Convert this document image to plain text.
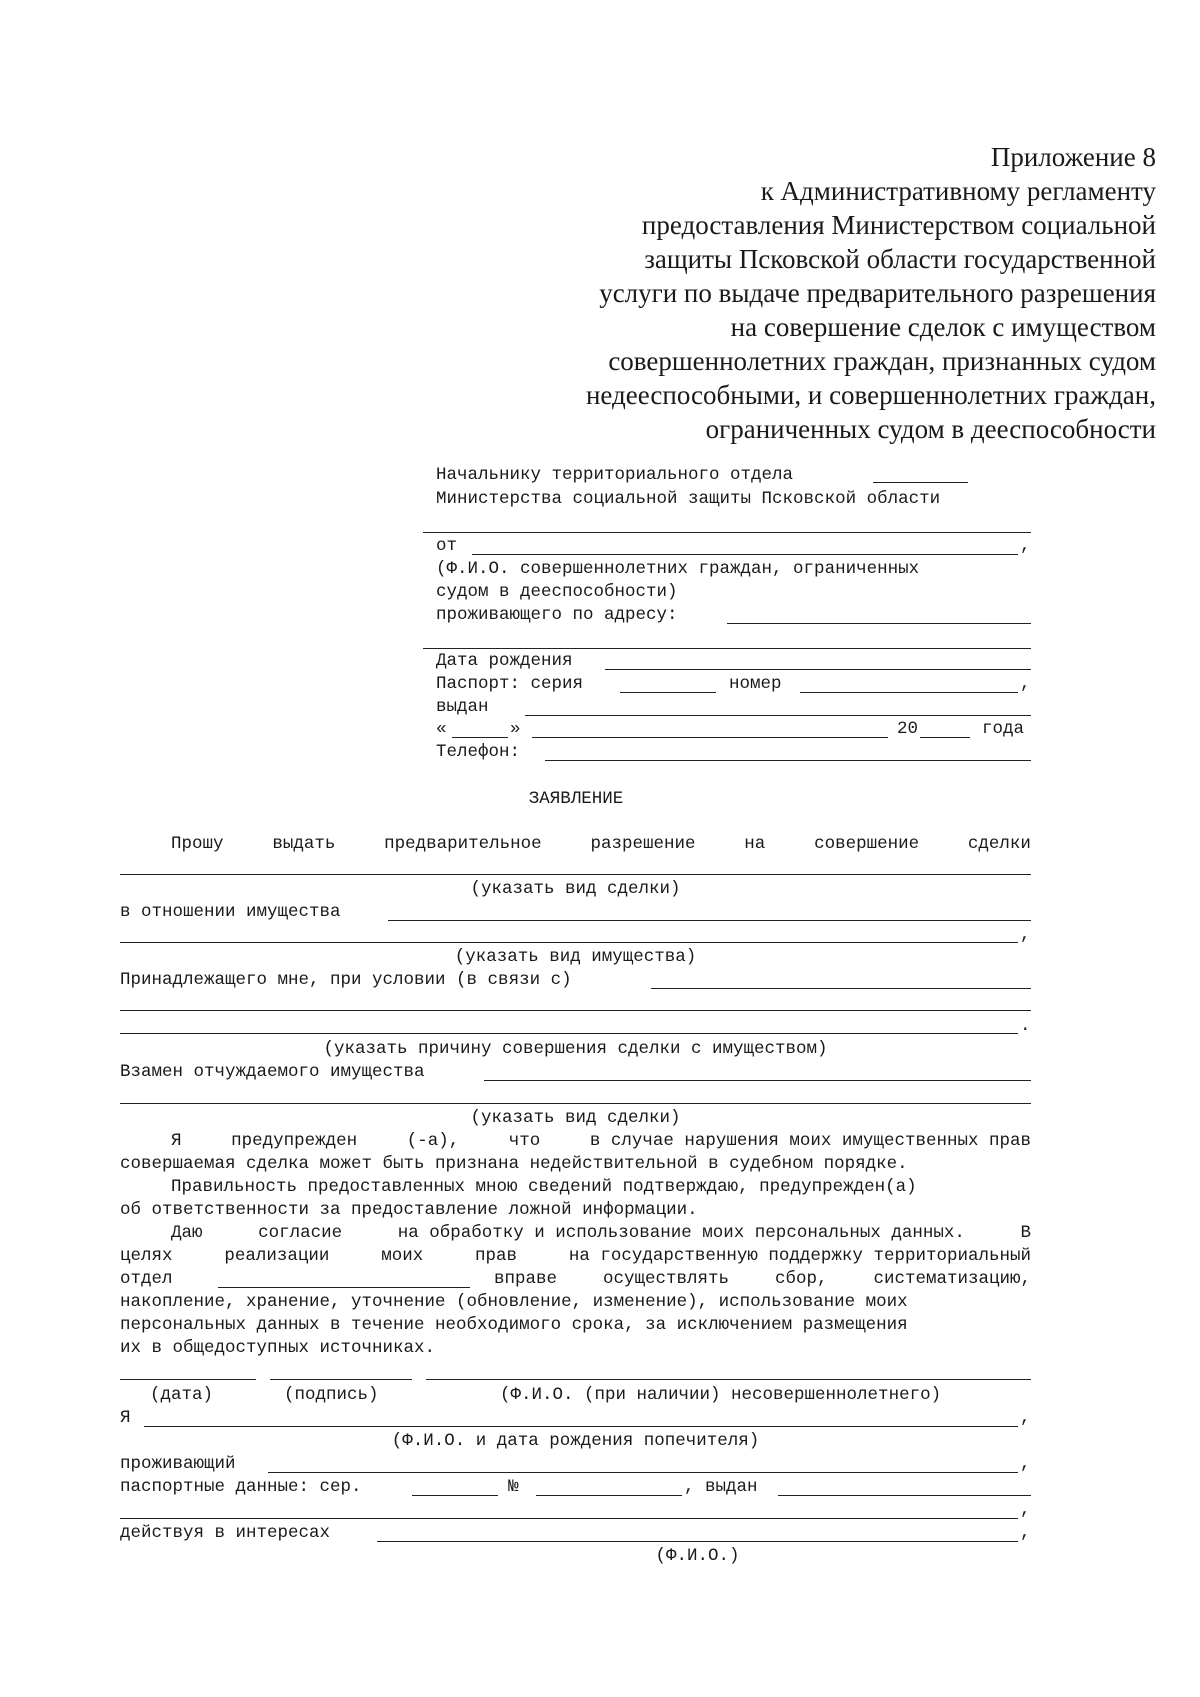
Приложение 8
к Административному регламенту
предоставления Министерством социальной
защиты Псковской области государственной
услуги по выдаче предварительного разрешения
на совершение сделок с имуществом
совершеннолетних граждан, признанных судом
недееспособными, и совершеннолетних граждан,
ограниченных судом в дееспособности
Начальнику территориального отдела
Министерства социальной защиты Псковской области
от	,
(Ф.И.О. совершеннолетних граждан, ограниченных
судом в дееспособности)
проживающего по адресу:
Дата рождения
Паспорт: серия	номер	,
выдан
«	»	20	года
Телефон:
ЗАЯВЛЕНИЕ
Прошу	выдать	предварительное	разрешение	на	совершение	сделки
(указать вид сделки)
в отношении имущества
,
(указать вид имущества)
Принадлежащего мне, при условии (в связи с)
.
(указать причину совершения сделки с имуществом)
Взамен отчуждаемого имущества
(указать вид сделки)
Я	предупрежден	(-а),	что	в случае нарушения моих имущественных прав
совершаемая сделка может быть признана недействительной в судебном порядке.
Правильность предоставленных мною сведений подтверждаю, предупрежден(а)
об ответственности за предоставление ложной информации.
Даю	согласие	на обработку и использование моих персональных данных.	В
целях	реализации	моих	прав	на государственную поддержку территориальный
отдел	вправе	осуществлять	сбор,	систематизацию,
накопление, хранение, уточнение (обновление, изменение), использование моих
персональных данных в течение необходимого срока, за исключением размещения
их в общедоступных источниках.
(дата)	(подпись)	(Ф.И.О. (при наличии) несовершеннолетнего)
Я	,
(Ф.И.О. и дата рождения попечителя)
проживающий	,
паспортные данные: сер.	№	, выдан
,
действуя в интересах	,
(Ф.И.О.)
